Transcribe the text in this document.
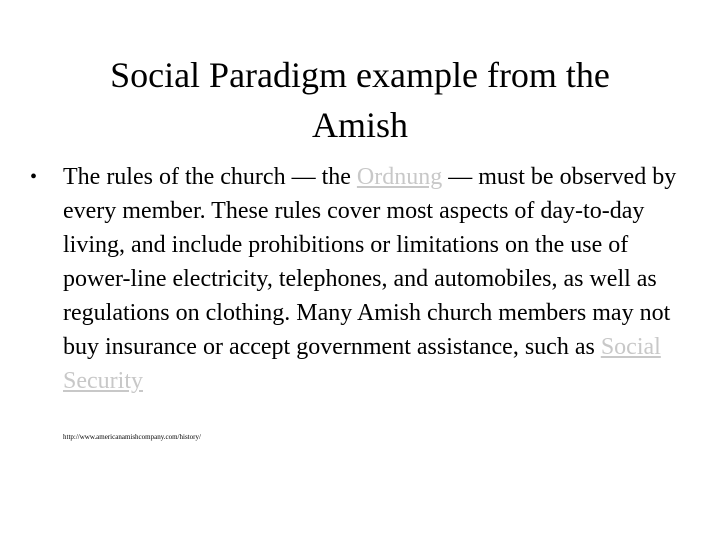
Social Paradigm example from the
Amish

•	The rules of the church — the Ordnung — must be observed by every member. These rules cover most aspects of day-to-day living, and include prohibitions or limitations on the use of power-line electricity, telephones, and automobiles, as well as regulations on clothing. Many Amish church members may not buy insurance or accept government assistance, such as Social Security

http://www.americanamishcompany.com/history/
